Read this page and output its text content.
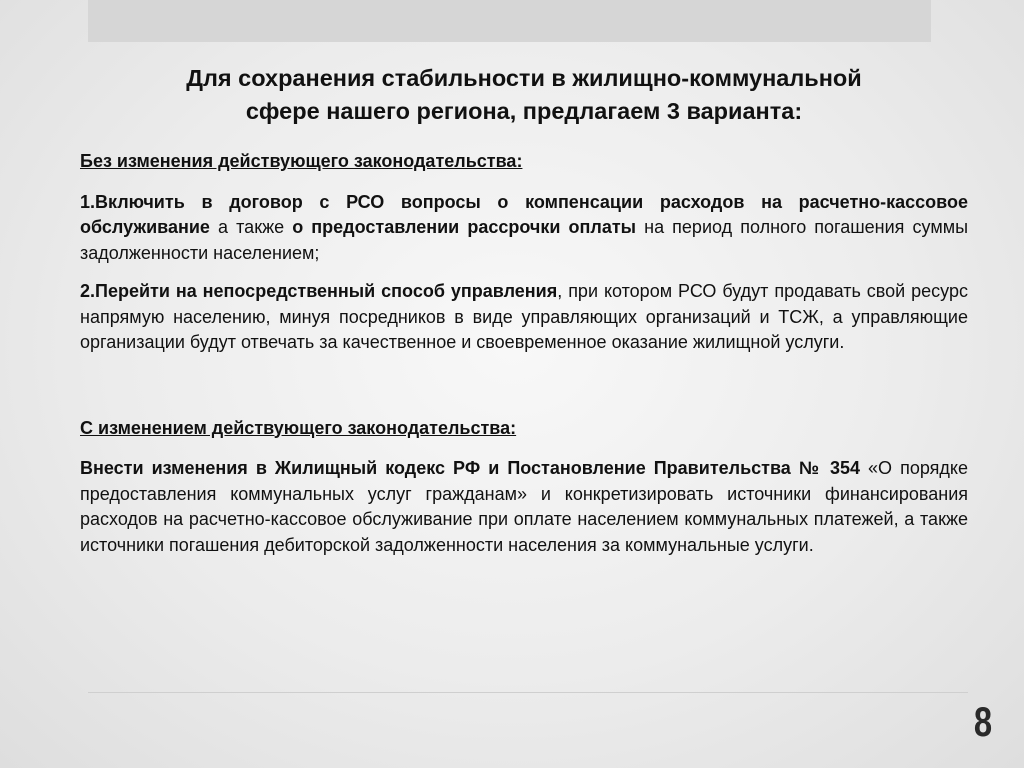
Для сохранения стабильности в жилищно-коммунальной
сфере нашего региона, предлагаем 3 варианта:

Без изменения действующего законодательства:

1.Включить в договор с РСО вопросы о компенсации расходов на расчетно-кассовое обслуживание а также о предоставлении рассрочки оплаты на период полного погашения суммы задолженности населением;

2.Перейти на непосредственный способ управления, при котором РСО будут продавать свой ресурс напрямую населению, минуя посредников в виде управляющих организаций и ТСЖ, а управляющие организации будут отвечать за качественное и своевременное оказание жилищной услуги.

С изменением действующего законодательства:

Внести изменения в Жилищный кодекс РФ и Постановление Правительства № 354 «О порядке предоставления коммунальных услуг гражданам» и конкретизировать источники финансирования расходов на расчетно-кассовое обслуживание при оплате населением коммунальных платежей, а также источники погашения дебиторской задолженности населения за коммунальные услуги.

8
